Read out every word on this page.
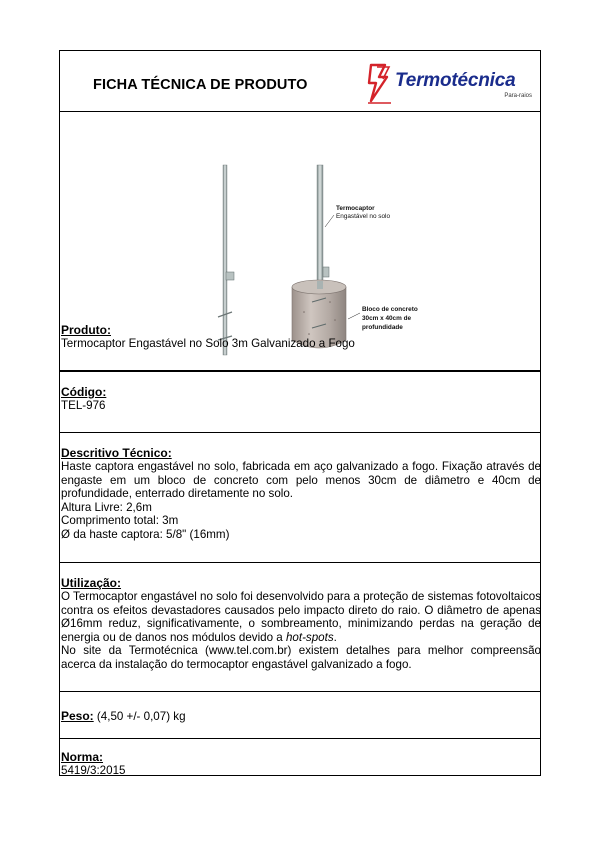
FICHA TÉCNICA DE PRODUTO	Termotécnica
Para-raios
Termocaptor
Engastável no solo
Bloco de concreto
30cm x 40cm de
profundidade
Produto:
Termocaptor Engastável no Solo 3m Galvanizado a Fogo
Código:
TEL-976
Descritivo Técnico:
Haste captora engastável no solo, fabricada em aço galvanizado a fogo. Fixação através de engaste em um bloco de concreto com pelo menos 30cm de diâmetro e 40cm de profundidade, enterrado diretamente no solo.
Altura Livre: 2,6m
Comprimento total: 3m
Ø da haste captora: 5/8" (16mm)
Utilização:
O Termocaptor engastável no solo foi desenvolvido para a proteção de sistemas fotovoltaicos contra os efeitos devastadores causados pelo impacto direto do raio. O diâmetro de apenas Ø16mm reduz, significativamente, o sombreamento, minimizando perdas na geração de energia ou de danos nos módulos devido a hot-spots.
No site da Termotécnica (www.tel.com.br) existem detalhes para melhor compreensão acerca da instalação do termocaptor engastável galvanizado a fogo.
Peso: (4,50 +/- 0,07) kg
Norma:
5419/3:2015
